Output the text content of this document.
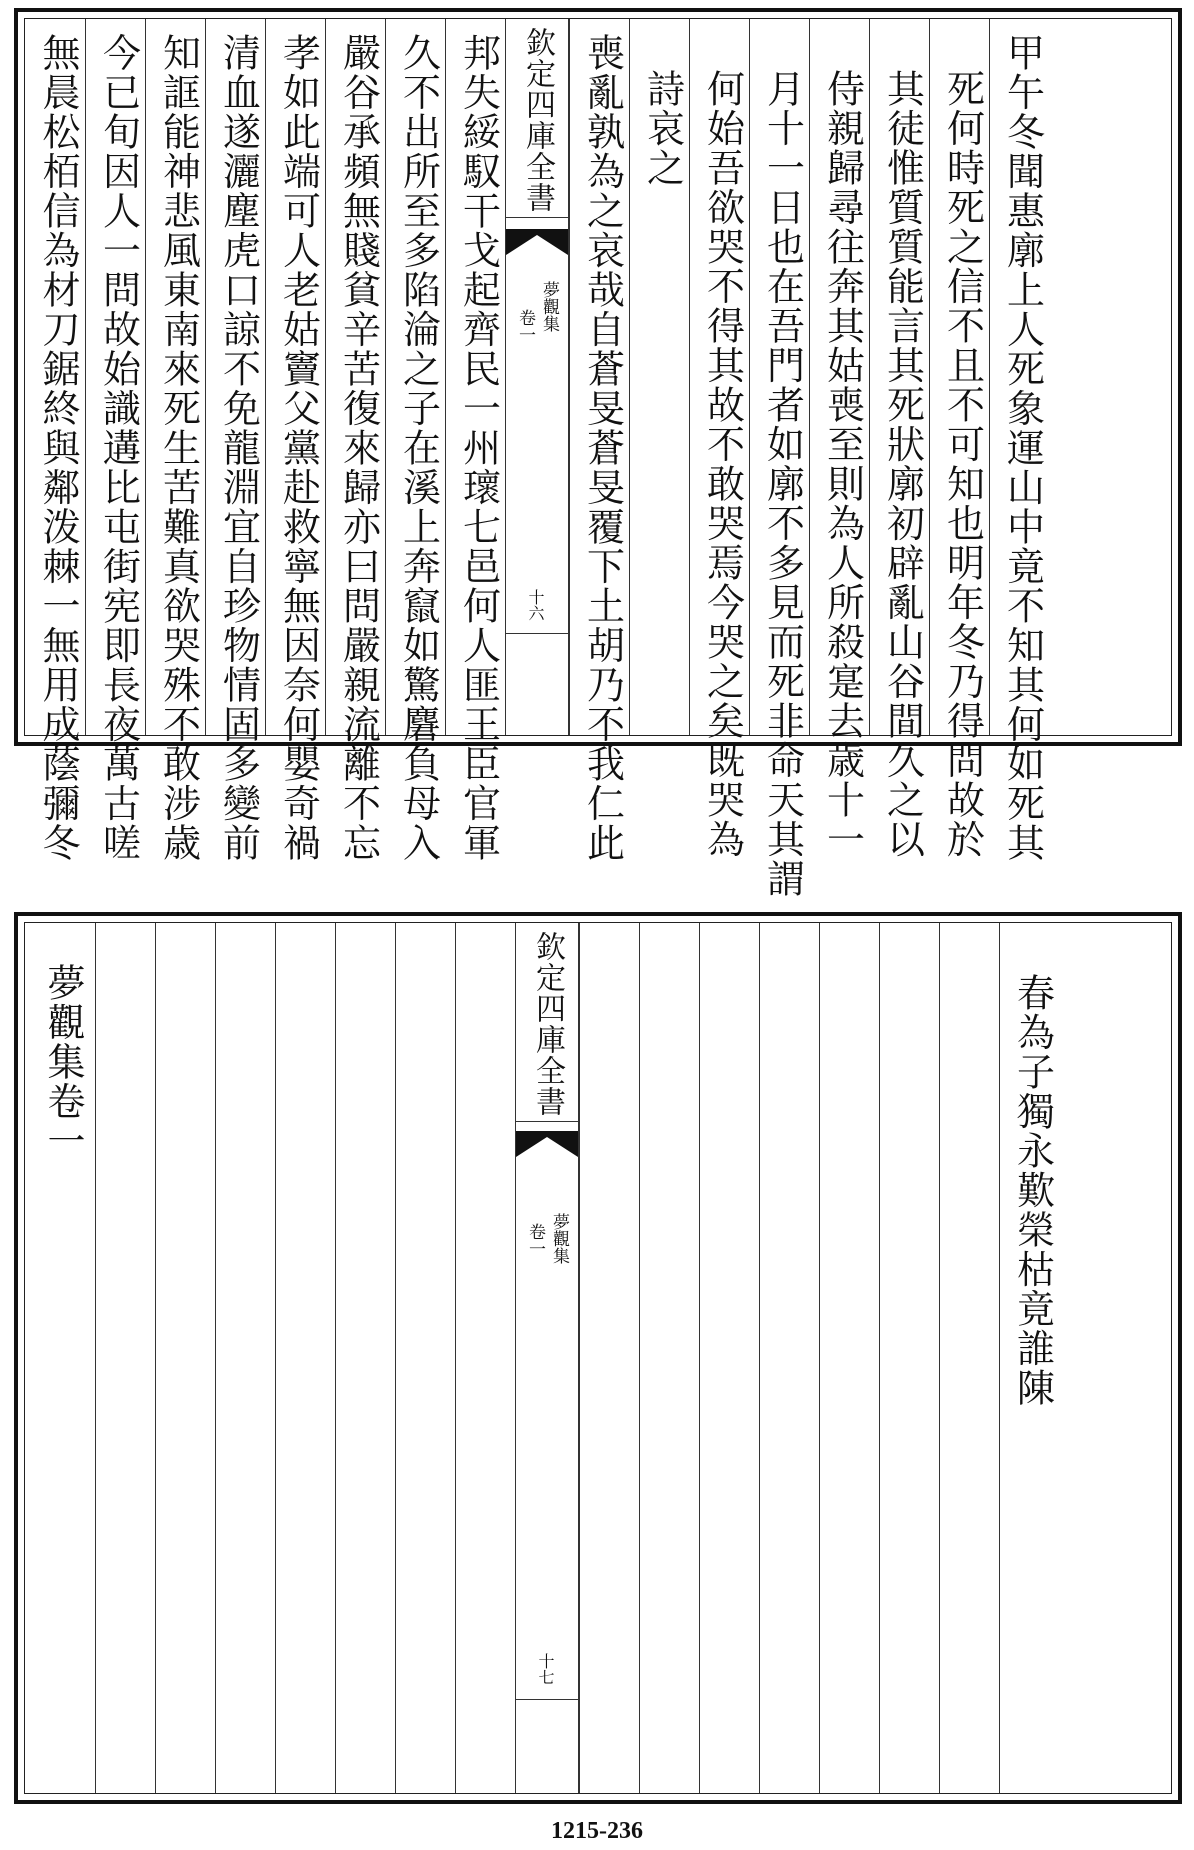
無晨松栢信為材刀鋸終與鄰泼棘一無用成蔭彌冬 今已旬因人一問故始識遘比屯街宪即長夜萬古嗟 知誆能神悲風東南來死生苦難真欲哭殊不敢涉歳 清血遂灑塵虎口諒不免龍淵宜自珍物情固多變前 孝如此端可人老姑竇父黨赴救寧無因奈何嬰奇禍 嚴谷承頻無賤貧辛苦復來歸亦曰問嚴親流離不忘 久不出所至多陷淪之子在溪上奔竄如驚麏負母入 邦失綏馭干戈起齊民一州瓌七邑何人匪王臣官軍 欽定四庫全書
夢觀集
卷一
十六 喪亂孰為之哀哉自蒼旻蒼旻覆下土胡乃不我仁此 詩哀之 何始吾欲哭不得其故不敢哭焉今哭之矣既哭為 月十一日也在吾門者如廓不多見而死非命天其謂 侍親歸尋往奔其姑喪至則為人所殺寔去歳十一 其徒惟質質能言其死狀廓初辟亂山谷間久之以 死何時死之信不且不可知也明年冬乃得問故於 甲午冬聞惠廓上人死象運山中竟不知其何如死其
夢觀集卷一	欽定四庫全書
夢觀集
卷一
十七
春為子獨永歎榮枯竟誰陳
1215-236
